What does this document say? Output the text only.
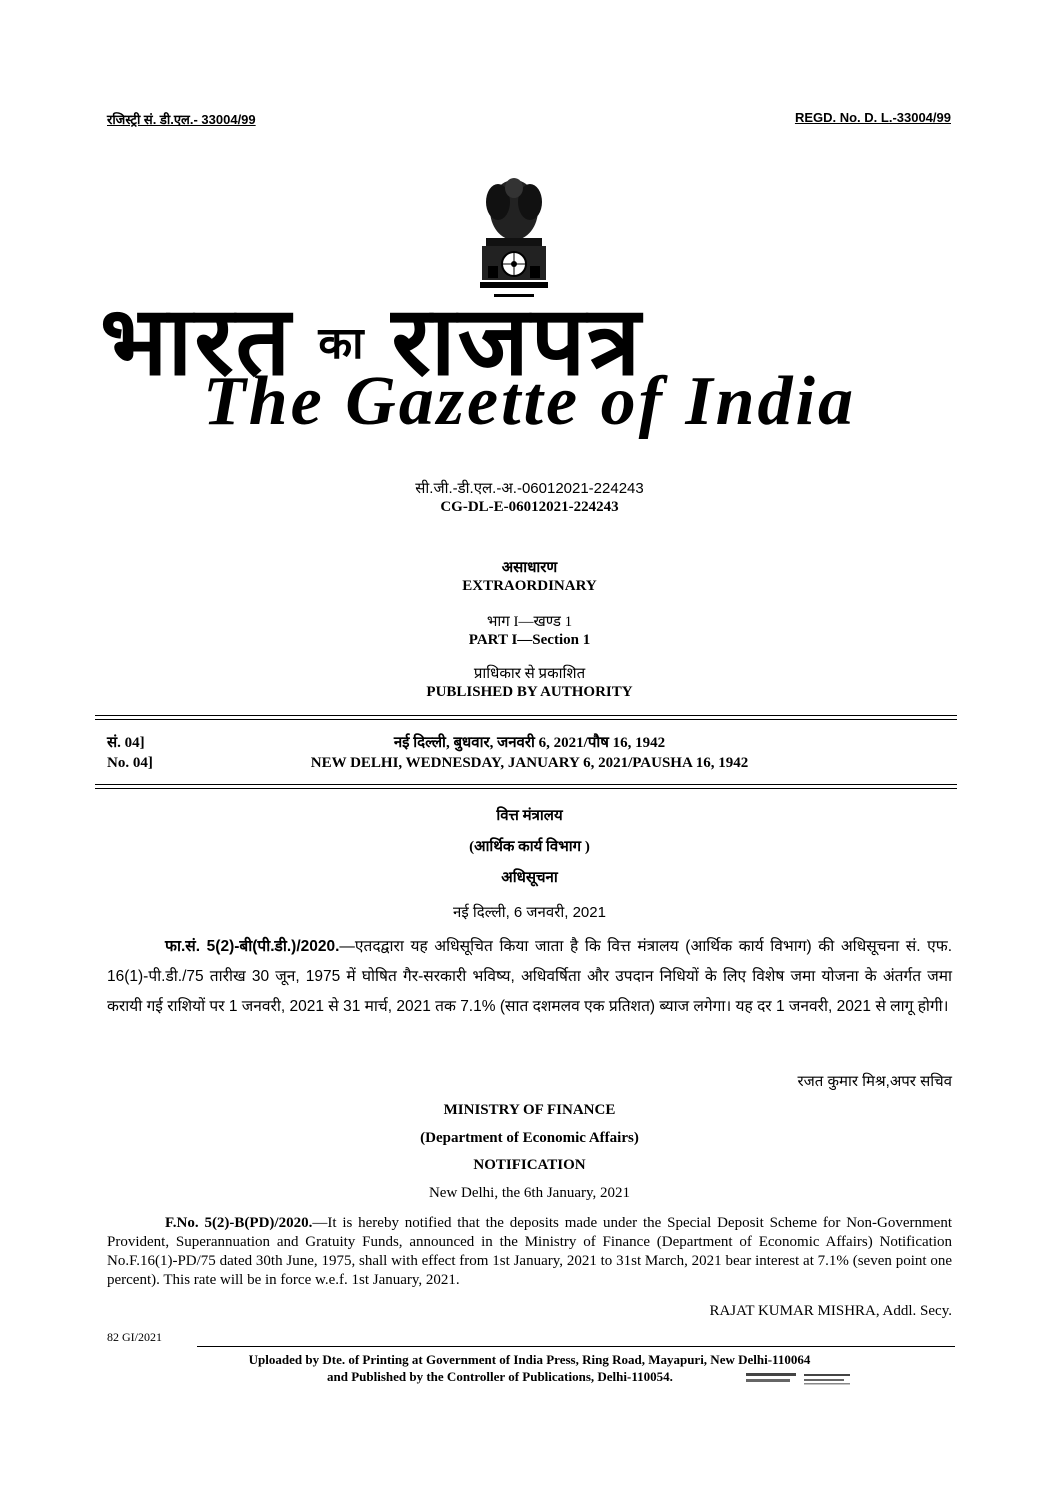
रजिस्ट्री सं. डी.एल.- 33004/99	REGD. No. D. L.-33004/99
भारत का राजपत्र
The Gazette of India
सी.जी.-डी.एल.-अ.-06012021-224243
CG-DL-E-06012021-224243
असाधारण
EXTRAORDINARY
भाग I—खण्ड 1
PART I—Section 1
प्राधिकार से प्रकाशित
PUBLISHED BY AUTHORITY
सं. 04]	नई दिल्ली, बुधवार, जनवरी 6, 2021/पौष 16, 1942
No. 04]	NEW DELHI, WEDNESDAY, JANUARY 6, 2021/PAUSHA 16, 1942
वित्त मंत्रालय
(आर्थिक कार्य विभाग )
अधिसूचना
नई दिल्ली, 6 जनवरी, 2021
फा.सं. 5(2)-बी(पी.डी.)/2020.—एतदद्वारा यह अधिसूचित किया जाता है कि वित्त मंत्रालय (आर्थिक कार्य विभाग) की अधिसूचना सं. एफ. 16(1)-पी.डी./75 तारीख 30 जून, 1975 में घोषित गैर-सरकारी भविष्य, अधिवर्षिता और उपदान निधियों के लिए विशेष जमा योजना के अंतर्गत जमा करायी गई राशियों पर 1 जनवरी, 2021 से 31 मार्च, 2021 तक 7.1% (सात दशमलव एक प्रतिशत) ब्याज लगेगा। यह दर 1 जनवरी, 2021 से लागू होगी।
रजत कुमार मिश्र,अपर सचिव
MINISTRY OF FINANCE
(Department of Economic Affairs)
NOTIFICATION
New Delhi, the 6th January, 2021
F.No. 5(2)-B(PD)/2020.—It is hereby notified that the deposits made under the Special Deposit Scheme for Non-Government Provident, Superannuation and Gratuity Funds, announced in the Ministry of Finance (Department of Economic Affairs) Notification No.F.16(1)-PD/75 dated 30th June, 1975, shall with effect from 1st January, 2021 to 31st March, 2021 bear interest at 7.1% (seven point one percent). This rate will be in force w.e.f. 1st January, 2021.
RAJAT KUMAR MISHRA, Addl. Secy.
82 GI/2021
Uploaded by Dte. of Printing at Government of India Press, Ring Road, Mayapuri, New Delhi-110064
and Published by the Controller of Publications, Delhi-110054.
